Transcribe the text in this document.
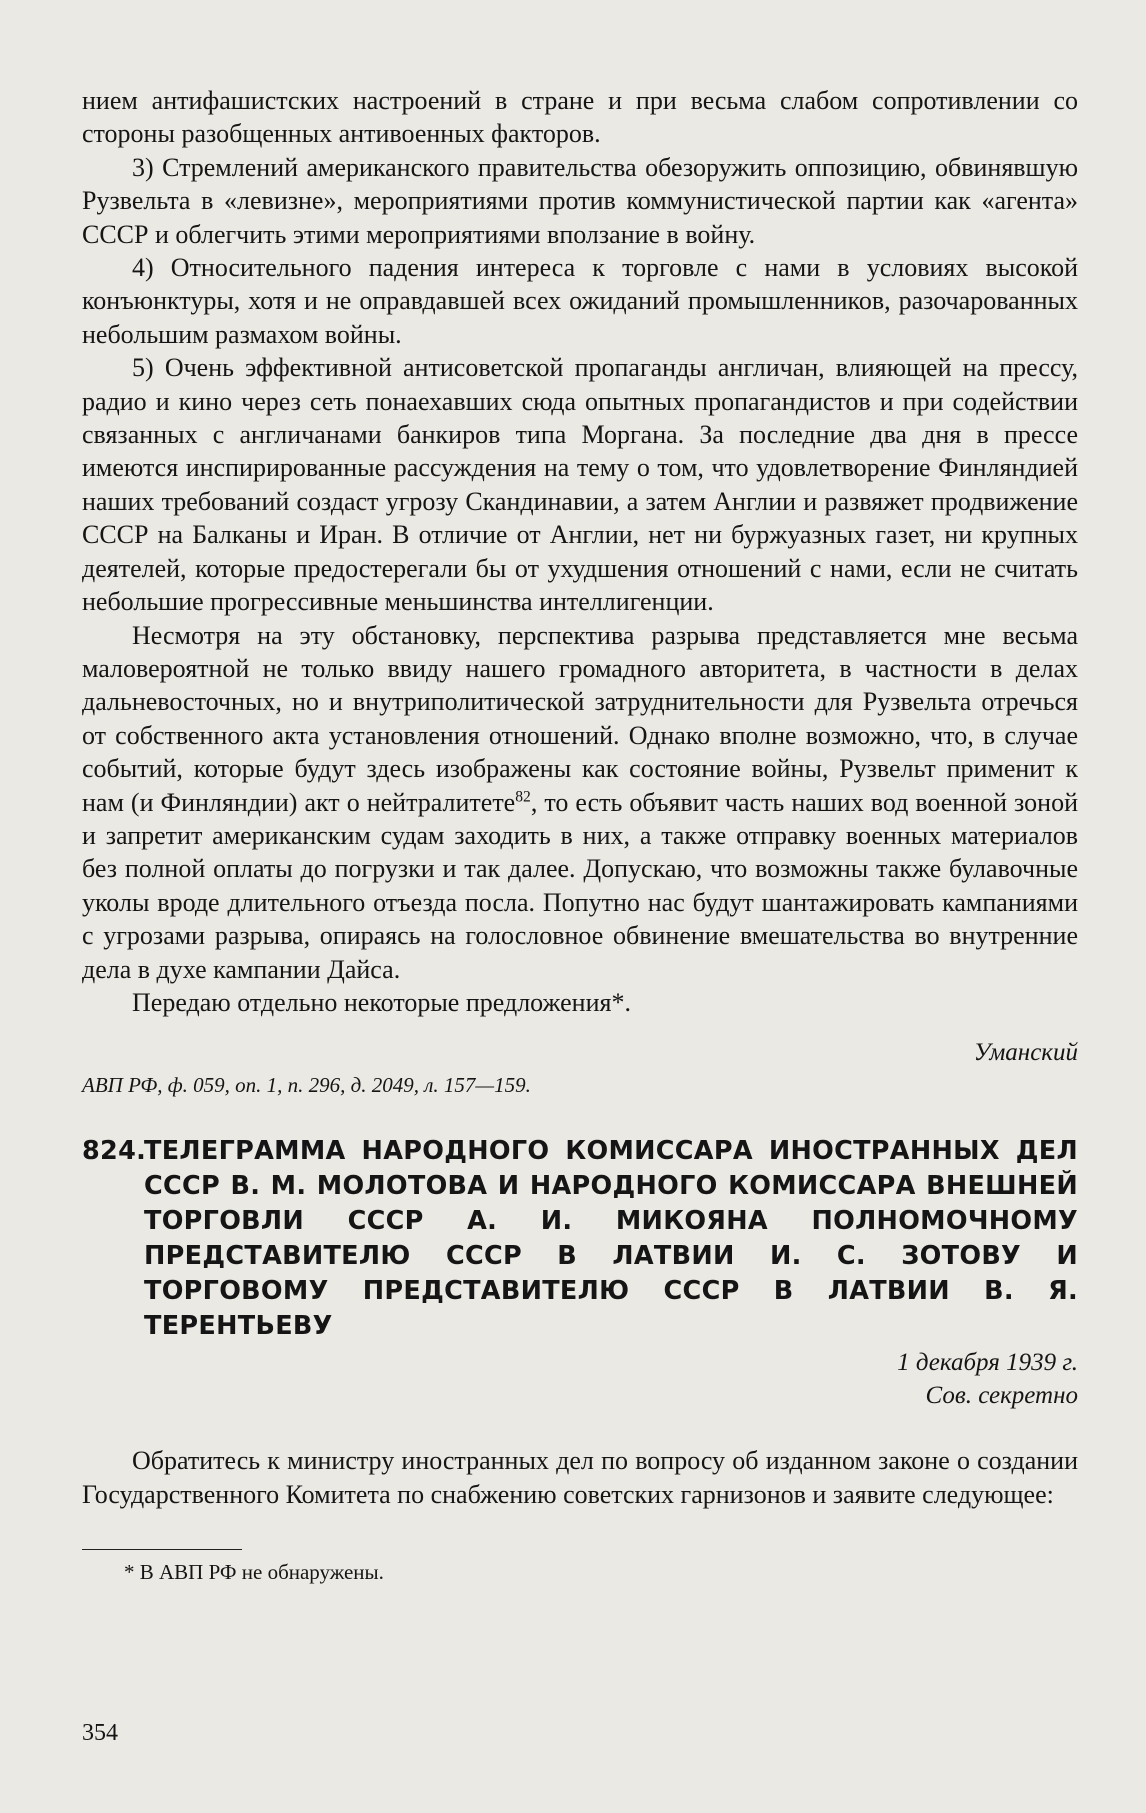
нием антифашистских настроений в стране и при весьма слабом сопротивлении со стороны разобщенных антивоенных факторов.

3) Стремлений американского правительства обезоружить оппозицию, обвинявшую Рузвельта в «левизне», мероприятиями против коммунистической партии как «агента» СССР и облегчить этими мероприятиями вползание в войну.

4) Относительного падения интереса к торговле с нами в условиях высокой конъюнктуры, хотя и не оправдавшей всех ожиданий промышленников, разочарованных небольшим размахом войны.

5) Очень эффективной антисоветской пропаганды англичан, влияющей на прессу, радио и кино через сеть понаехавших сюда опытных пропагандистов и при содействии связанных с англичанами банкиров типа Моргана. За последние два дня в прессе имеются инспирированные рассуждения на тему о том, что удовлетворение Финляндией наших требований создаст угрозу Скандинавии, а затем Англии и развяжет продвижение СССР на Балканы и Иран. В отличие от Англии, нет ни буржуазных газет, ни крупных деятелей, которые предостерегали бы от ухудшения отношений с нами, если не считать небольшие прогрессивные меньшинства интеллигенции.

Несмотря на эту обстановку, перспектива разрыва представляется мне весьма маловероятной не только ввиду нашего громадного авторитета, в частности в делах дальневосточных, но и внутриполитической затруднительности для Рузвельта отречься от собственного акта установления отношений. Однако вполне возможно, что, в случае событий, которые будут здесь изображены как состояние войны, Рузвельт применит к нам (и Финляндии) акт о нейтралитете$^{82}$, то есть объявит часть наших вод военной зоной и запретит американским судам заходить в них, а также отправку военных материалов без полной оплаты до погрузки и так далее. Допускаю, что возможны также булавочные уколы вроде длительного отъезда посла. Попутно нас будут шантажировать кампаниями с угрозами разрыва, опираясь на голословное обвинение вмешательства во внутренние дела в духе кампании Дайса.

Передаю отдельно некоторые предложения*.

Уманский
АВП РФ, ф. 059, оп. 1, п. 296, д. 2049, л. 157—159.
824.
ТЕЛЕГРАММА НАРОДНОГО КОМИССАРА ИНОСТРАННЫХ ДЕЛ СССР В. М. МОЛОТОВА И НАРОДНОГО КОМИССАРА ВНЕШНЕЙ ТОРГОВЛИ СССР А. И. МИКОЯНА ПОЛНОМОЧНОМУ ПРЕДСТАВИТЕЛЮ СССР В ЛАТВИИ И. С. ЗОТОВУ И ТОРГОВОМУ ПРЕДСТАВИТЕЛЮ СССР В ЛАТВИИ В. Я. ТЕРЕНТЬЕВУ
1 декабря 1939 г.
Сов. секретно

Обратитесь к министру иностранных дел по вопросу об изданном законе о создании Государственного Комитета по снабжению советских гарнизонов и заявите следующее:

* В АВП РФ не обнаружены.
354
